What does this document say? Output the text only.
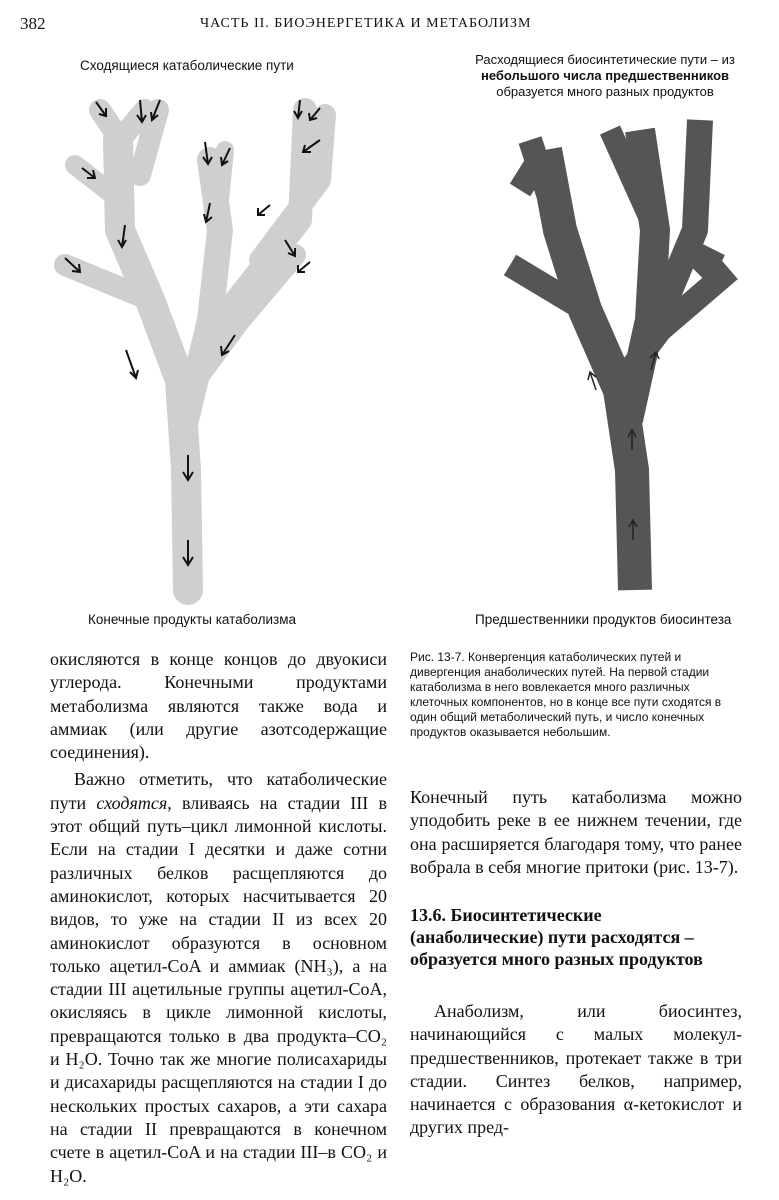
382	ЧАСТЬ II. БИОЭНЕРГЕТИКА И МЕТАБОЛИЗМ
Сходящиеся катаболические пути	Расходящиеся биосинтетические пути – из
небольшого числа предшественников
образуется много разных продуктов
Конечные продукты катаболизма	Предшественники продуктов биосинтеза

окисляются в конце концов до двуокиси углерода. Конечными продуктами метаболизма являются также вода и аммиак (или другие азотсодержащие соединения).

Важно отметить, что катаболические пути сходятся, вливаясь на стадии III в этот общий путь–цикл лимонной кислоты. Если на стадии I десятки и даже сотни различных белков расщепляются до аминокислот, которых насчитывается 20 видов, то уже на стадии II из всех 20 аминокислот образуются в основном только ацетил-CoA и аммиак (NH₃), а на стадии III ацетильные группы ацетил-CoA, окисляясь в цикле лимонной кислоты, превращаются только в два продукта–CO₂ и H₂O. Точно так же многие полисахариды и дисахариды расщепляются на стадии I до нескольких простых сахаров, а эти сахара на стадии II превращаются в конечном счете в ацетил-CoA и на стадии III–в CO₂ и H₂O.

Рис. 13-7. Конвергенция катаболических путей и дивергенция анаболических путей. На первой стадии катаболизма в него вовлекается много различных клеточных компонентов, но в конце все пути сходятся в один общий метаболический путь, и число конечных продуктов оказывается небольшим.
Конечный путь катаболизма можно уподобить реке в ее нижнем течении, где она расширяется благодаря тому, что ранее вобрала в себя многие притоки (рис. 13-7).
13.6. Биосинтетические (анаболические) пути расходятся – образуется много разных продуктов
Анаболизм, или биосинтез, начинающийся с малых молекул-предшественников, протекает также в три стадии. Синтез белков, например, начинается с образования α-кетокислот и других пред-
